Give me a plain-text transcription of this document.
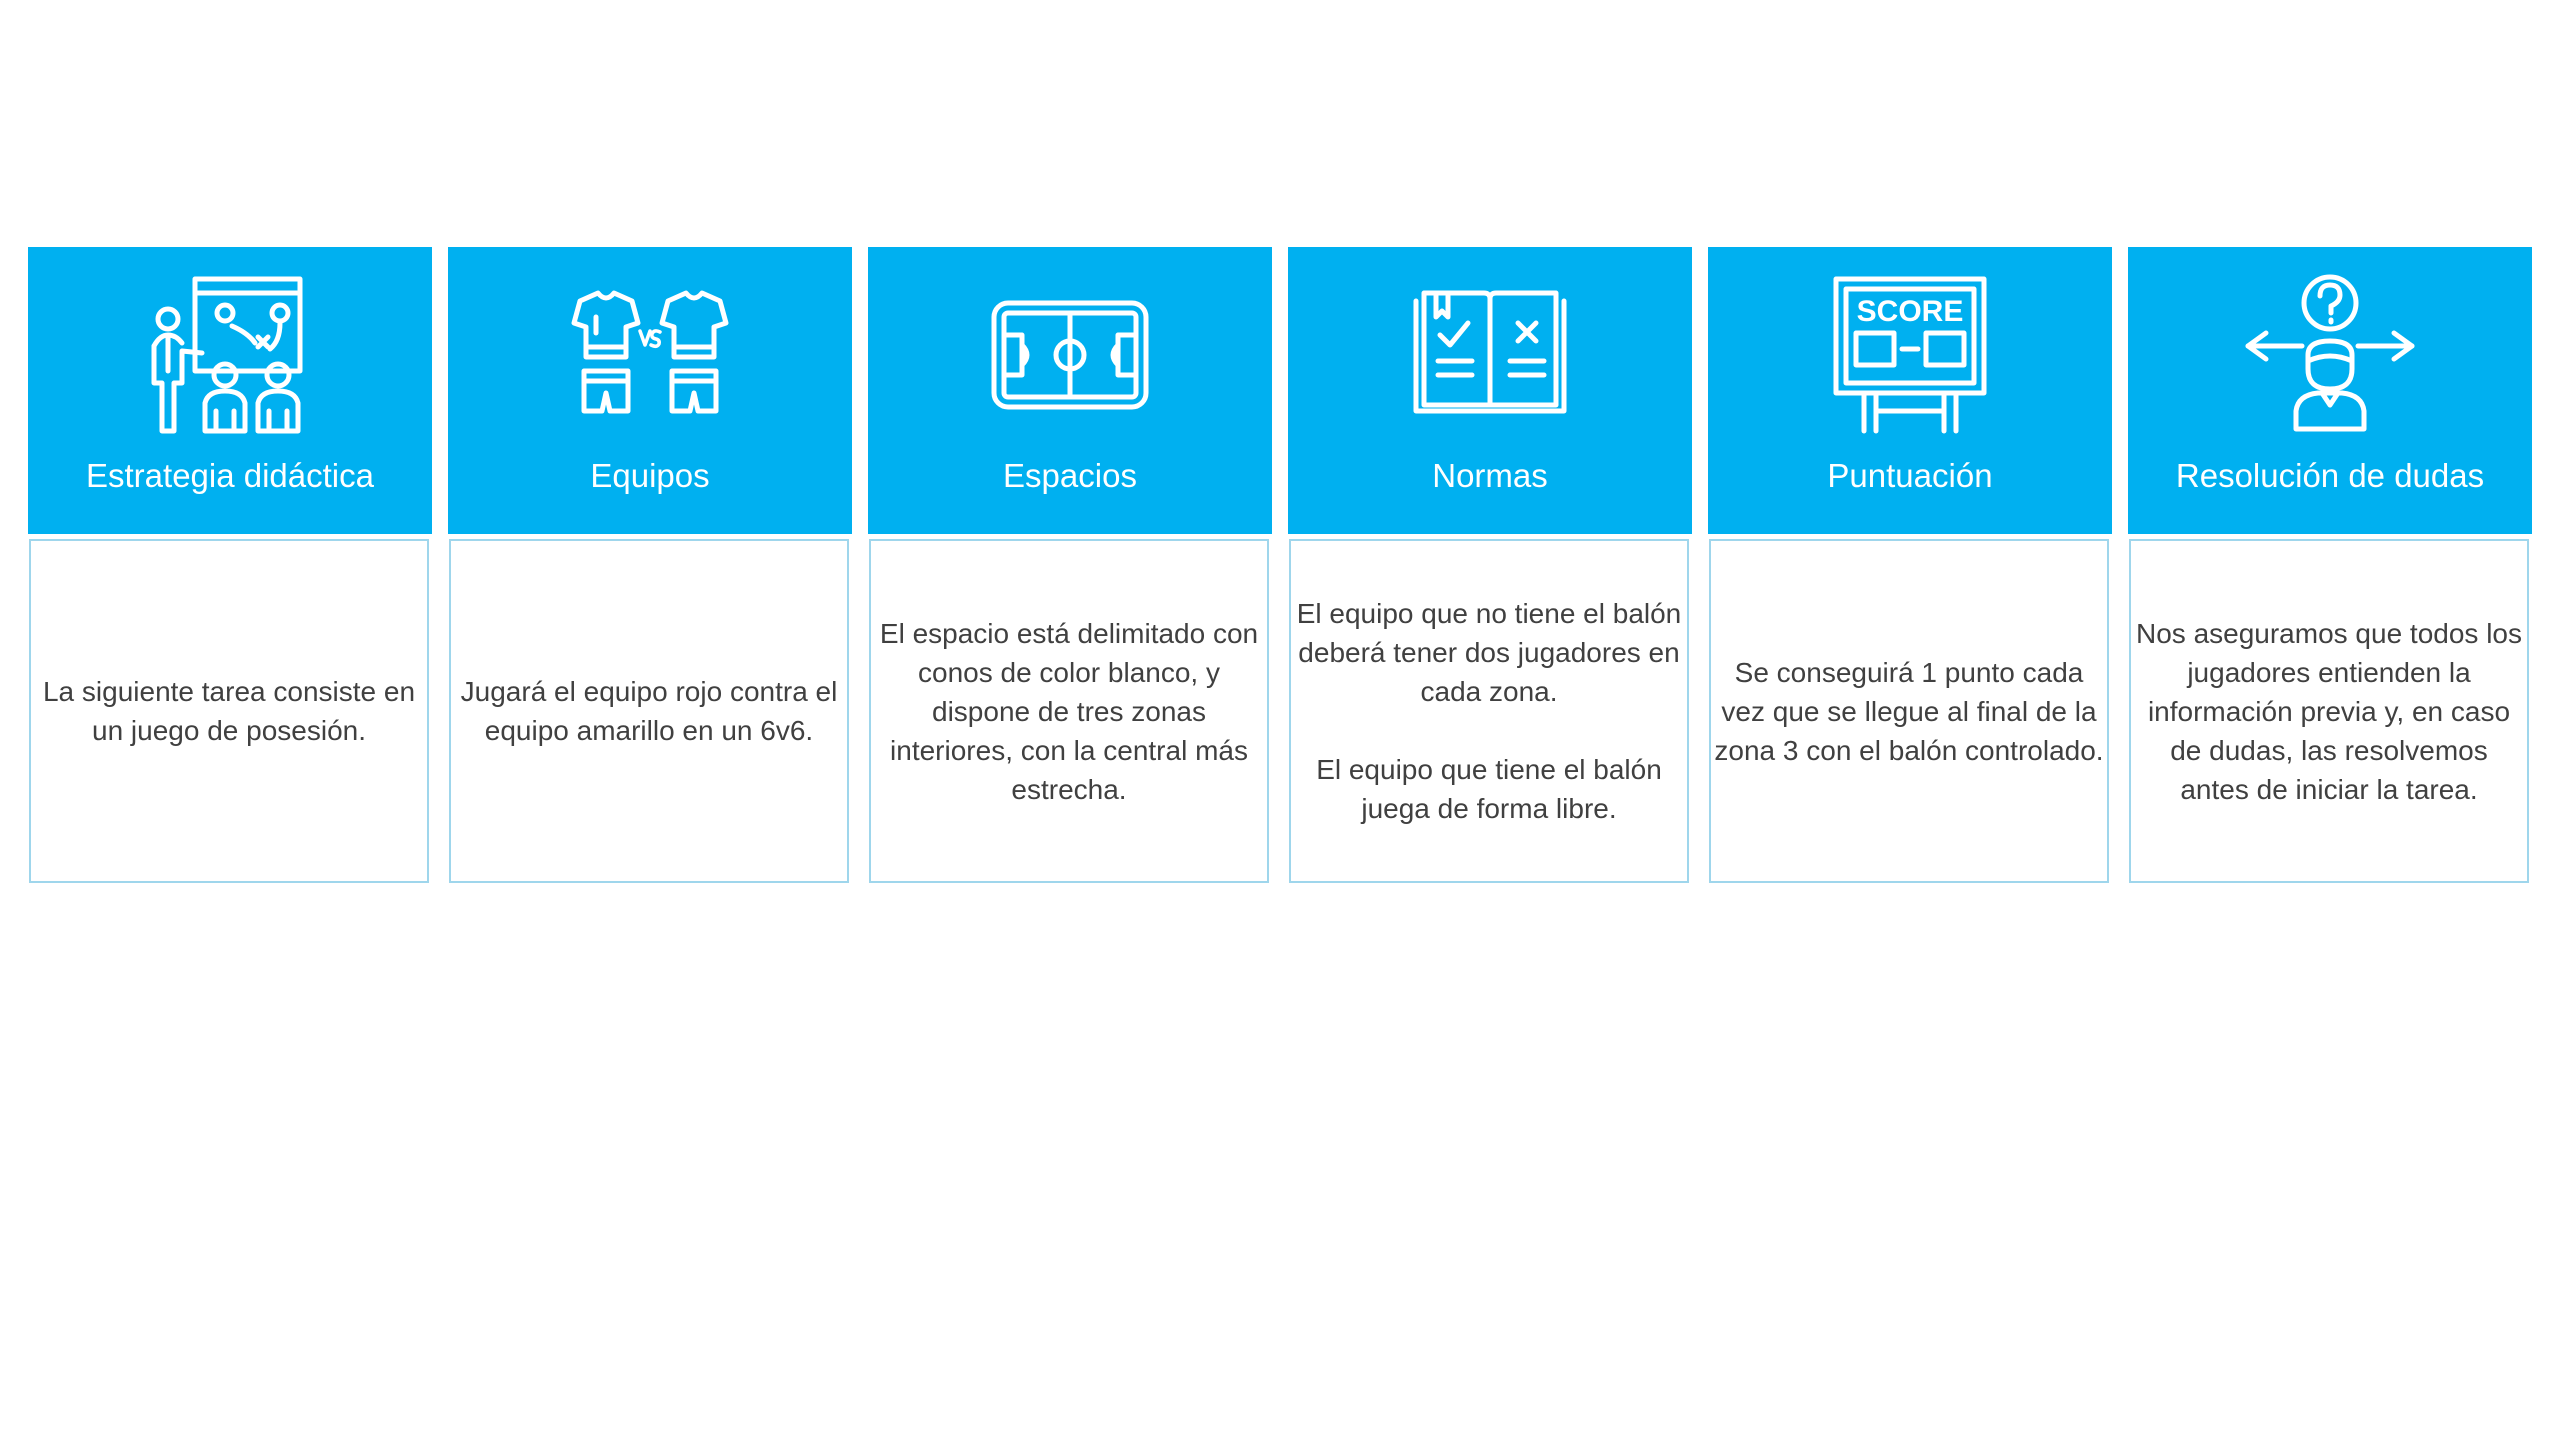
Estrategia didáctica
La siguiente tarea consiste en un juego de posesión.
Equipos
Jugará el equipo rojo contra el equipo amarillo en un 6v6.
Espacios
El espacio está delimitado con conos de color blanco, y dispone de tres zonas interiores, con la central más estrecha.
Normas
El equipo que no tiene el balón deberá tener dos jugadores en cada zona.

El equipo que tiene el balón juega de forma libre.
SCORE
Puntuación
Se conseguirá 1 punto cada vez que se llegue al final de la zona 3 con el balón controlado.
Resolución de dudas
Nos aseguramos que todos los jugadores entienden la información previa y, en caso de dudas, las resolvemos antes de iniciar la tarea.
